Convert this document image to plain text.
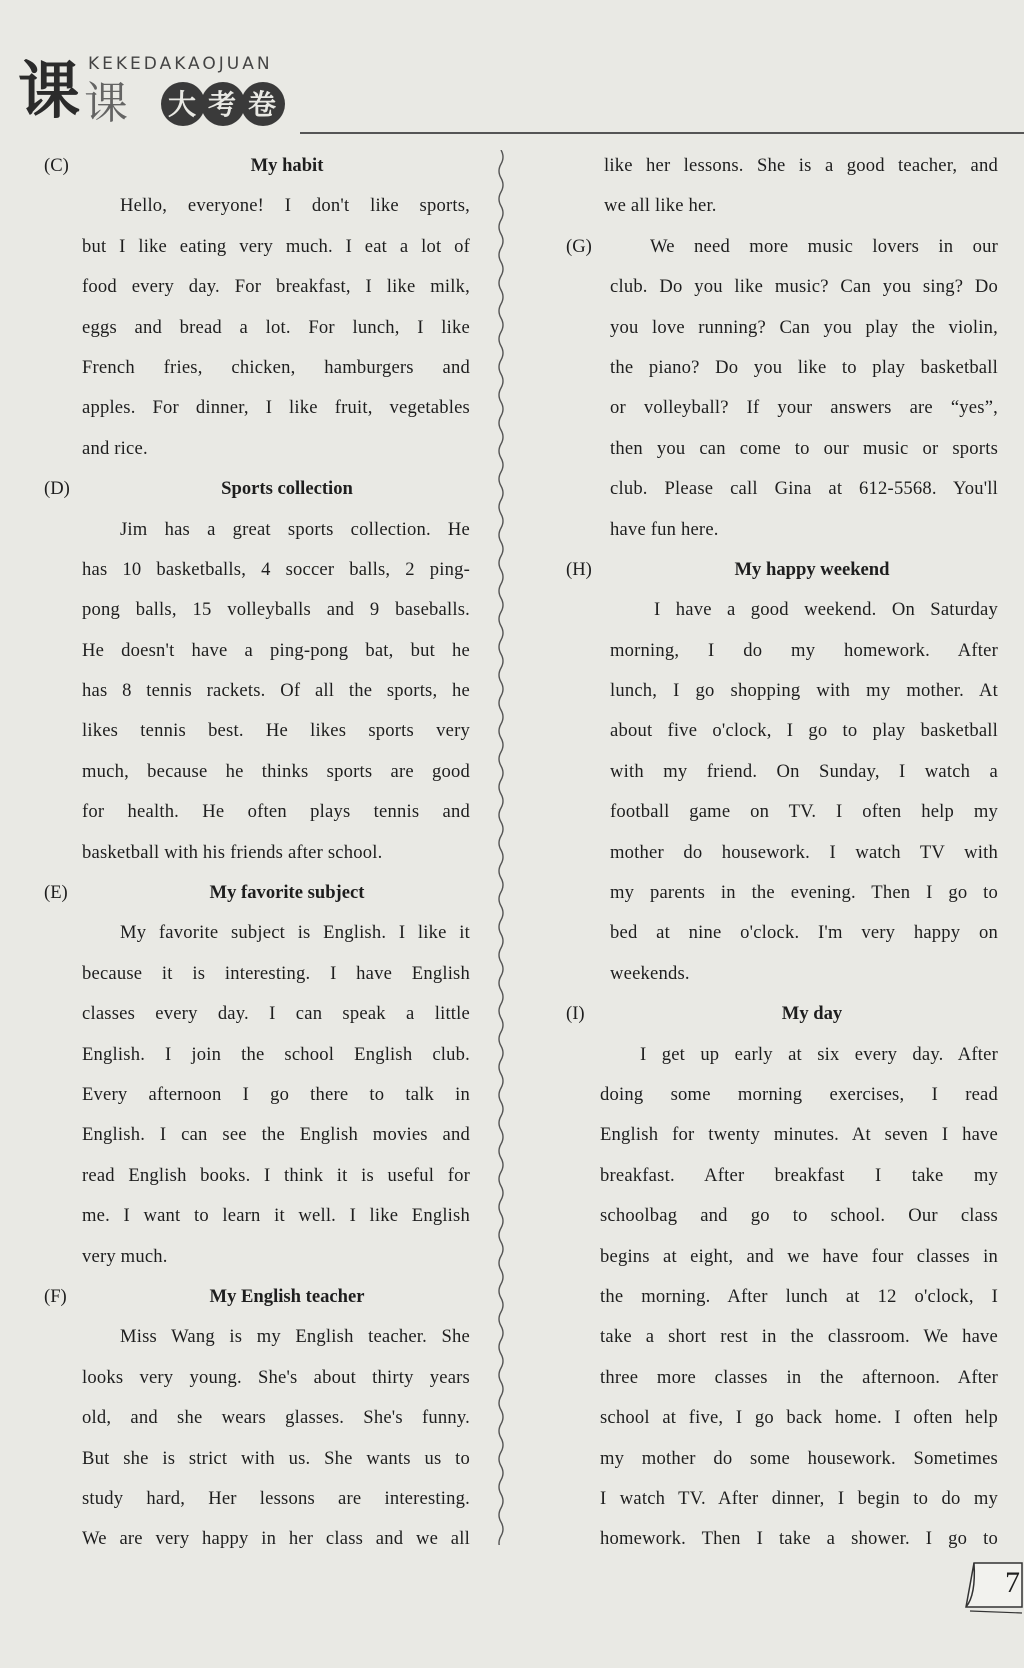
课 课 大 考 卷
KEKEDAKAOJUAN
(C)	My habit
Hello, everyone! I don't like sports,
but I like eating very much. I eat a lot of
food every day. For breakfast, I like milk,
eggs and bread a lot. For lunch, I like
French fries, chicken, hamburgers and
apples. For dinner, I like fruit, vegetables
and rice.
(D)	Sports collection
Jim has a great sports collection. He
has 10 basketballs, 4 soccer balls, 2 ping-
pong balls, 15 volleyballs and 9 baseballs.
He doesn't have a ping-pong bat, but he
has 8 tennis rackets. Of all the sports, he
likes tennis best. He likes sports very
much, because he thinks sports are good
for health. He often plays tennis and
basketball with his friends after school.
(E)	My favorite subject
My favorite subject is English. I like it
because it is interesting. I have English
classes every day. I can speak a little
English. I join the school English club.
Every afternoon I go there to talk in
English. I can see the English movies and
read English books. I think it is useful for
me. I want to learn it well. I like English
very much.
(F)	My English teacher
Miss Wang is my English teacher. She
looks very young. She's about thirty years
old, and she wears glasses. She's funny.
But she is strict with us. She wants us to
study hard, Her lessons are interesting.
We are very happy in her class and we all
like her lessons. She is a good teacher, and
we all like her.
(G)	We need more music lovers in our
club. Do you like music? Can you sing? Do
you love running? Can you play the violin,
the piano? Do you like to play basketball
or volleyball? If your answers are “yes”,
then you can come to our music or sports
club. Please call Gina at 612-5568. You'll
have fun here.
(H)	My happy weekend
I have a good weekend. On Saturday
morning, I do my homework. After
lunch, I go shopping with my mother. At
about five o'clock, I go to play basketball
with my friend. On Sunday, I watch a
football game on TV. I often help my
mother do housework. I watch TV with
my parents in the evening. Then I go to
bed at nine o'clock. I'm very happy on
weekends.
(I)	My day
I get up early at six every day. After
doing some morning exercises, I read
English for twenty minutes. At seven I have
breakfast. After breakfast I take my
schoolbag and go to school. Our class
begins at eight, and we have four classes in
the morning. After lunch at 12 o'clock, I
take a short rest in the classroom. We have
three more classes in the afternoon. After
school at five, I go back home. I often help
my mother do some housework. Sometimes
I watch TV. After dinner, I begin to do my
homework. Then I take a shower. I go to
7
